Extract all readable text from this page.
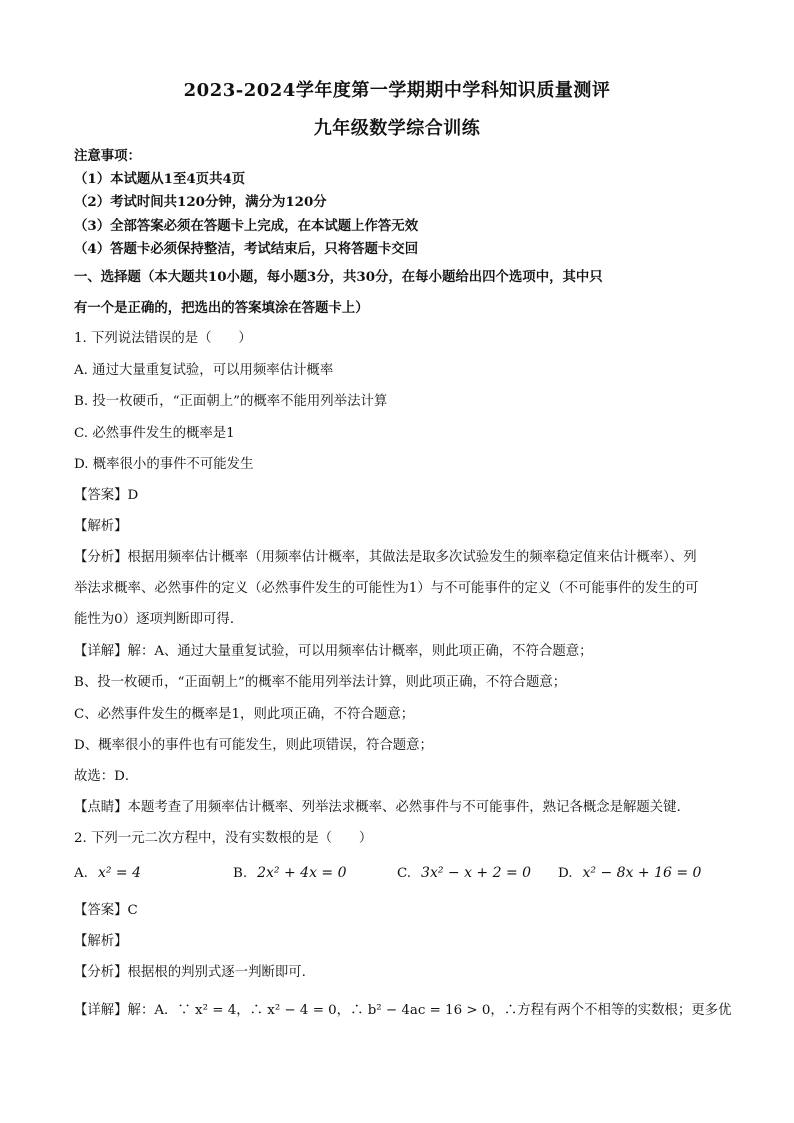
2023-2024学年度第一学期期中学科知识质量测评
九年级数学综合训练
注意事项：
（1）本试题从1至4页共4页
（2）考试时间共120分钟，满分为120分
（3）全部答案必须在答题卡上完成，在本试题上作答无效
（4）答题卡必须保持整洁，考试结束后，只将答题卡交回
一、选择题（本大题共10小题，每小题3分，共30分，在每小题给出四个选项中，其中只
有一个是正确的，把选出的答案填涂在答题卡上）
1. 下列说法错误的是（　　）
A. 通过大量重复试验，可以用频率估计概率
B. 投一枚硬币，“正面朝上”的概率不能用列举法计算
C. 必然事件发生的概率是1
D. 概率很小的事件不可能发生
【答案】D
【解析】
【分析】根据用频率估计概率（用频率估计概率，其做法是取多次试验发生的频率稳定值来估计概率）、列
举法求概率、必然事件的定义（必然事件发生的可能性为1）与不可能事件的定义（不可能事件的发生的可
能性为0）逐项判断即可得．
【详解】解：A、通过大量重复试验，可以用频率估计概率，则此项正确，不符合题意；
B、投一枚硬币，“正面朝上”的概率不能用列举法计算，则此项正确，不符合题意；
C、必然事件发生的概率是1，则此项正确，不符合题意；
D、概率很小的事件也有可能发生，则此项错误，符合题意；
故选：D．
【点睛】本题考查了用频率估计概率、列举法求概率、必然事件与不可能事件，熟记各概念是解题关键．
2. 下列一元二次方程中，没有实数根的是（　　）
A. x² = 4	B. 2x² + 4x = 0	C. 3x² − x + 2 = 0 D. x² − 8x + 16 = 0
【答案】C
【解析】
【分析】根据根的判别式逐一判断即可.
【详解】解：A．∵ x² = 4，∴ x² − 4 = 0，∴ b² − 4ac = 16 > 0，∴方程有两个不相等的实数根；更多优
